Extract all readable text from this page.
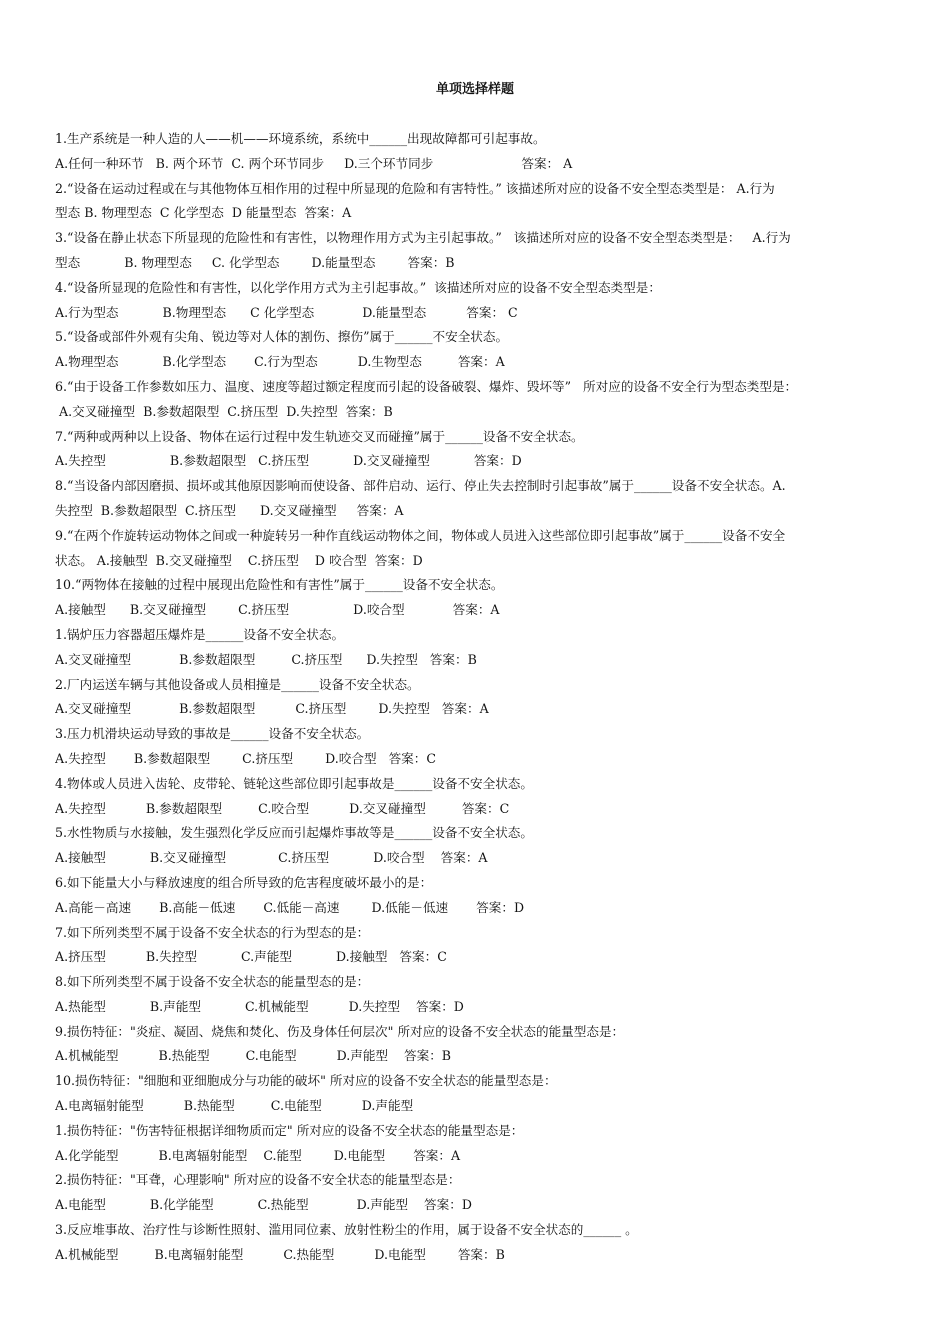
单项选择样题
1.生产系统是一种人造的人——机——环境系统，系统中______出现故障都可引起事故。
A.任何一种环节   B. 两个环节  C. 两个环节同步     D.三个环节同步                      答案： A
2.“设备在运动过程或在与其他物体互相作用的过程中所显现的危险和有害特性。” 该描述所对应的设备不安全型态类型是： A.行为
型态 B. 物理型态  C 化学型态  D 能量型态  答案：A
3.“设备在静止状态下所显现的危险性和有害性，以物理作用方式为主引起事故。”   该描述所对应的设备不安全型态类型是：   A.行为
型态           B. 物理型态     C. 化学型态        D.能量型态        答案：B
4.“设备所显现的危险性和有害性，以化学作用方式为主引起事故。”  该描述所对应的设备不安全型态类型是：
A.行为型态           B.物理型态      C 化学型态            D.能量型态          答案： C
5.“设备或部件外观有尖角、锐边等对人体的割伤、擦伤”属于______不安全状态。
A.物理型态           B.化学型态       C.行为型态          D.生物型态         答案：A
6.“由于设备工作参数如压力、温度、速度等超过额定程度而引起的设备破裂、爆炸、毁坏等”   所对应的设备不安全行为型态类型是：
A.交叉碰撞型  B.参数超限型  C.挤压型  D.失控型  答案：B
7.“两种或两种以上设备、物体在运行过程中发生轨迹交叉而碰撞”属于______设备不安全状态。
A.失控型                B.参数超限型   C.挤压型           D.交叉碰撞型           答案：D
8.“当设备内部因磨损、损坏或其他原因影响而使设备、部件启动、运行、停止失去控制时引起事故”属于______设备不安全状态。A.
失控型  B.参数超限型  C.挤压型      D.交叉碰撞型     答案：A
9.“在两个作旋转运动物体之间或一种旋转另一种作直线运动物体之间，物体或人员进入这些部位即引起事故”属于______设备不安全
状态。 A.接触型  B.交叉碰撞型    C.挤压型    D 咬合型  答案：D
10.“两物体在接触的过程中展现出危险性和有害性”属于______设备不安全状态。
A.接触型      B.交叉碰撞型        C.挤压型                D.咬合型            答案：A
1.锅炉压力容器超压爆炸是______设备不安全状态。
A.交叉碰撞型            B.参数超限型         C.挤压型      D.失控型   答案：B
2.厂内运送车辆与其他设备或人员相撞是______设备不安全状态。
A.交叉碰撞型            B.参数超限型          C.挤压型        D.失控型   答案：A
3.压力机滑块运动导致的事故是______设备不安全状态。
A.失控型       B.参数超限型        C.挤压型        D.咬合型   答案：C
4.物体或人员进入齿轮、皮带轮、链轮这些部位即引起事故是______设备不安全状态。
A.失控型          B.参数超限型         C.咬合型          D.交叉碰撞型         答案：C
5.水性物质与水接触，发生强烈化学反应而引起爆炸事故等是______设备不安全状态。
A.接触型           B.交叉碰撞型             C.挤压型           D.咬合型    答案：A
6.如下能量大小与释放速度的组合所导致的危害程度破坏最小的是：
A.高能－高速       B.高能－低速       C.低能－高速        D.低能－低速       答案：D
7.如下所列类型不属于设备不安全状态的行为型态的是：
A.挤压型          B.失控型           C.声能型           D.接触型   答案：C
8.如下所列类型不属于设备不安全状态的能量型态的是：
A.热能型           B.声能型           C.机械能型          D.失控型    答案：D
9.损伤特征："炎症、凝固、烧焦和焚化、伤及身体任何层次" 所对应的设备不安全状态的能量型态是：
A.机械能型          B.热能型         C.电能型          D.声能型    答案：B
10.损伤特征："细胞和亚细胞成分与功能的破坏" 所对应的设备不安全状态的能量型态是：
A.电离辐射能型          B.热能型         C.电能型          D.声能型
1.损伤特征："伤害特征根据详细物质而定" 所对应的设备不安全状态的能量型态是：
A.化学能型          B.电离辐射能型    C.能型        D.电能型       答案：A
2.损伤特征："耳聋，心理影响" 所对应的设备不安全状态的能量型态是：
A.电能型           B.化学能型           C.热能型            D.声能型    答案：D
3.反应堆事故、治疗性与诊断性照射、滥用同位素、放射性粉尘的作用，属于设备不安全状态的______ 。
A.机械能型         B.电离辐射能型          C.热能型          D.电能型        答案：B
